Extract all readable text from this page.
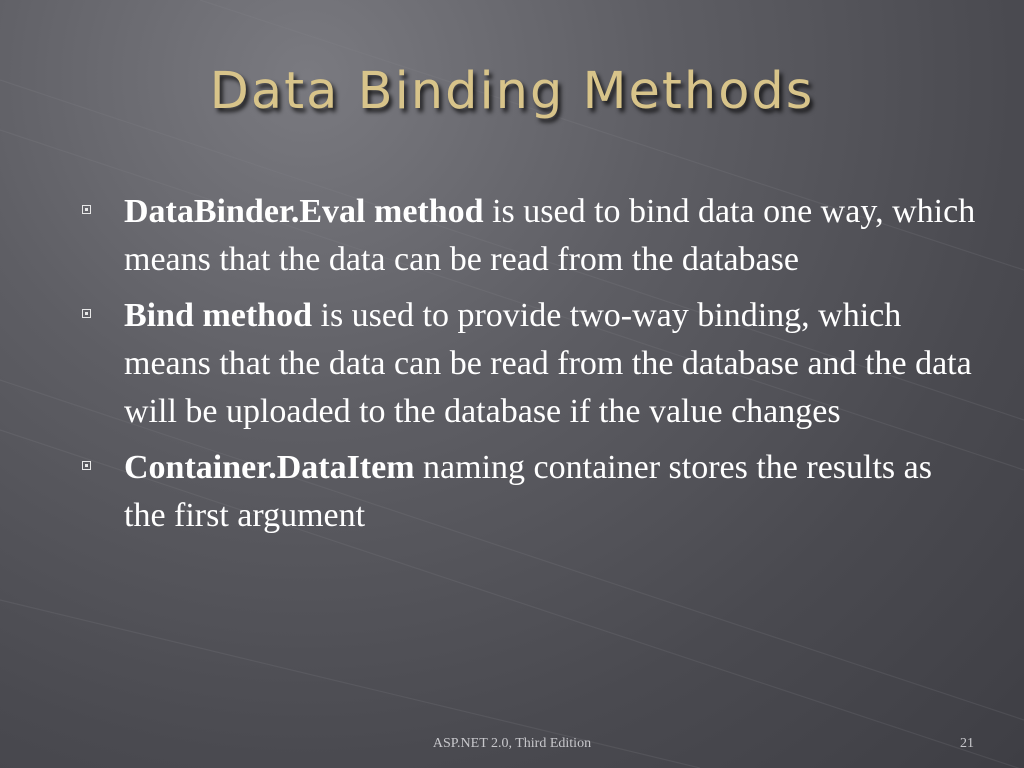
Data Binding Methods
DataBinder.Eval method is used to bind data one way, which means that the data can be read from the database
Bind method is used to provide two-way binding, which means that the data can be read from the database and the data will be uploaded to the database if the value changes
Container.DataItem naming container stores the results as the first argument
ASP.NET 2.0, Third Edition	21
